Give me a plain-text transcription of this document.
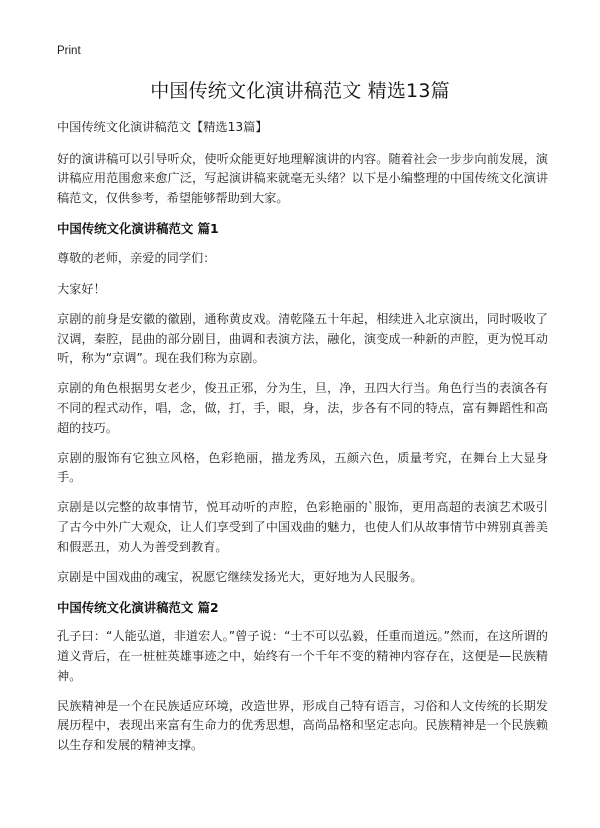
Print
中国传统文化演讲稿范文 精选13篇

中国传统文化演讲稿范文【精选13篇】

好的演讲稿可以引导听众，使听众能更好地理解演讲的内容。随着社会一步步向前发展，演讲稿应用范围愈来愈广泛，写起演讲稿来就毫无头绪？以下是小编整理的中国传统文化演讲稿范文，仅供参考，希望能够帮助到大家。

中国传统文化演讲稿范文 篇1

尊敬的老师，亲爱的同学们：

大家好！

京剧的前身是安徽的徽剧，通称黄皮戏。清乾隆五十年起，相续进入北京演出，同时吸收了汉调，秦腔，昆曲的部分剧目，曲调和表演方法，融化，演变成一种新的声腔，更为悦耳动听，称为“京调”。现在我们称为京剧。

京剧的角色根据男女老少，俊丑正邪，分为生，旦，净，丑四大行当。角色行当的表演各有不同的程式动作，唱，念，做，打，手，眼，身，法，步各有不同的特点，富有舞蹈性和高超的技巧。

京剧的服饰有它独立风格，色彩艳丽，描龙秀凤，五颜六色，质量考究，在舞台上大显身手。

京剧是以完整的故事情节，悦耳动听的声腔，色彩艳丽的`服饰，更用高超的表演艺术吸引了古今中外广大观众，让人们享受到了中国戏曲的魅力，也使人们从故事情节中辨别真善美和假恶丑，劝人为善受到教育。

京剧是中国戏曲的魂宝，祝愿它继续发扬光大，更好地为人民服务。

中国传统文化演讲稿范文 篇2

孔子曰：“人能弘道，非道宏人。”曾子说：“士不可以弘毅，任重而道远。”然而，在这所谓的道义背后，在一桩桩英雄事迹之中，始终有一个千年不变的精神内容存在，这便是—民族精神。

民族精神是一个在民族适应环境，改造世界，形成自己特有语言，习俗和人文传统的长期发展历程中，表现出来富有生命力的优秀思想，高尚品格和坚定志向。民族精神是一个民族赖以生存和发展的精神支撑。
